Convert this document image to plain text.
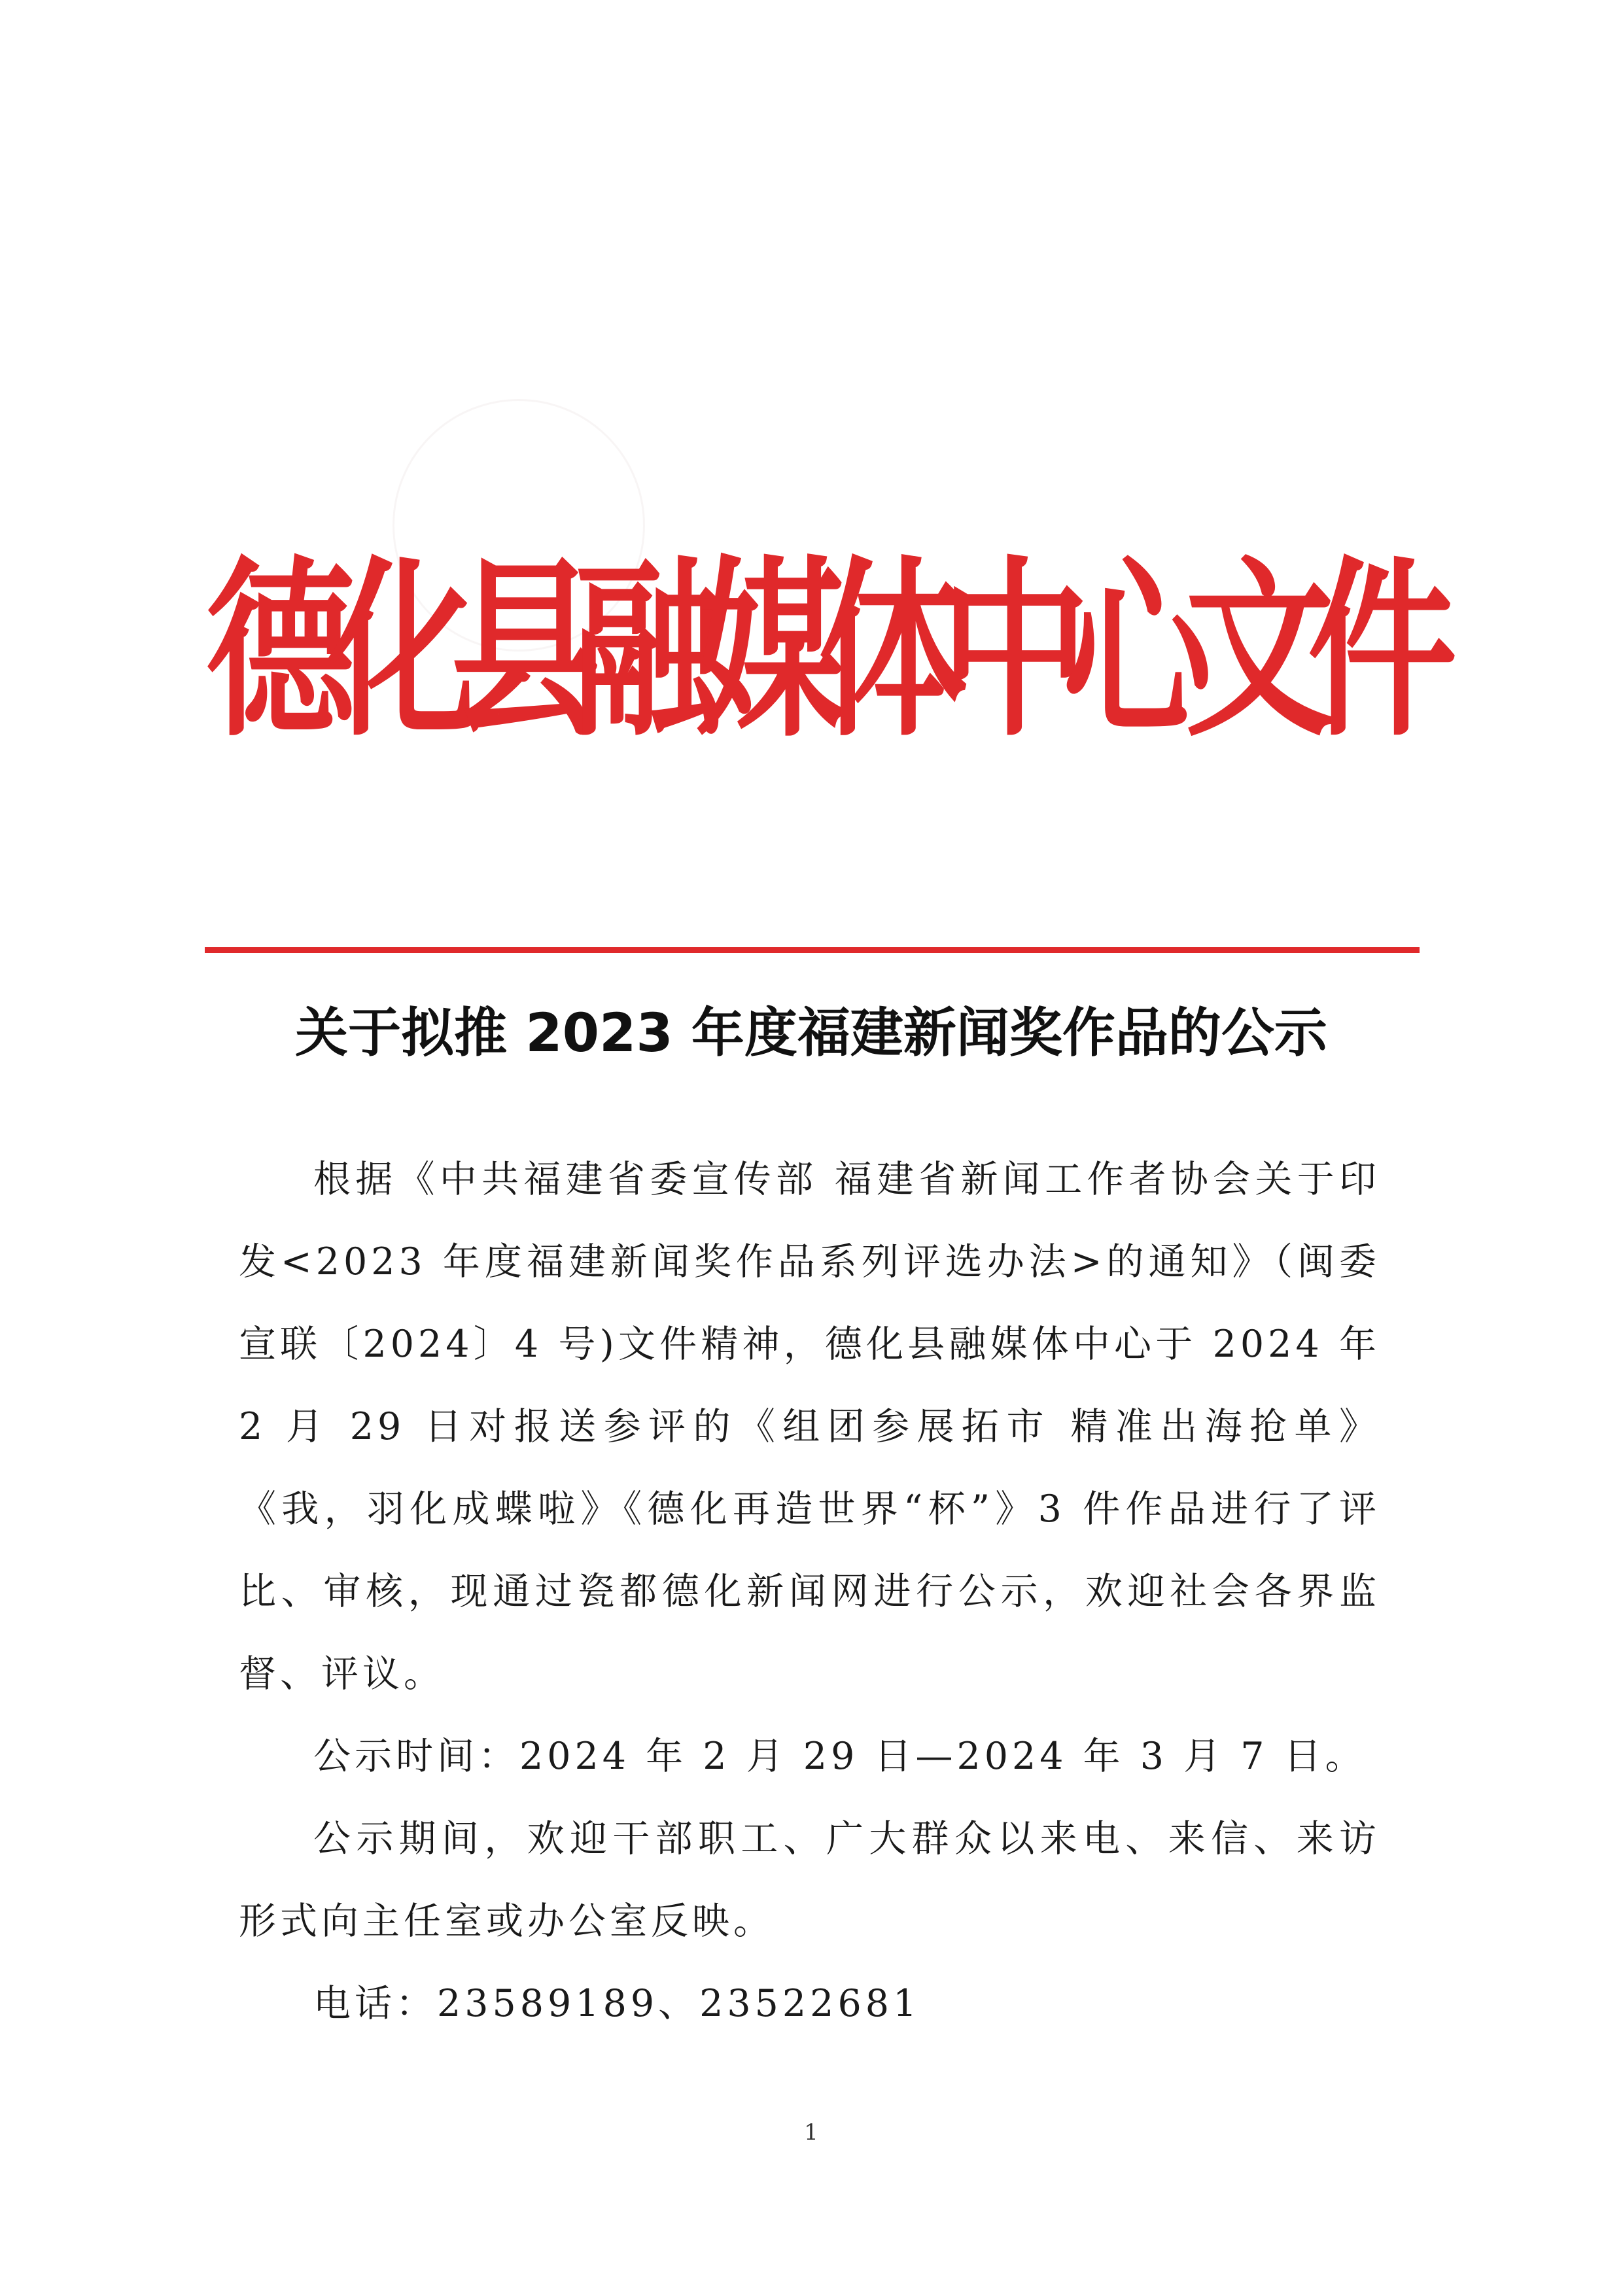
德
化
县
融
媒
体
中
心
文
件
关于拟推 2023 年度福建新闻奖作品的公示

根据《中共福建省委宣传部 福建省新闻工作者协会关于印发<2023 年度福建新闻奖作品系列评选办法>的通知》（闽委宣联〔2024〕4 号)文件精神，德化县融媒体中心于 2024 年 2 月 29 日对报送参评的《组团参展拓市 精准出海抢单》《我，羽化成蝶啦》《德化再造世界“杯”》3 件作品进行了评比、审核，现通过瓷都德化新闻网进行公示，欢迎社会各界监督、评议。

公示时间：2024 年 2 月 29 日—2024 年 3 月 7 日。

公示期间，欢迎干部职工、广大群众以来电、来信、来访形式向主任室或办公室反映。

电话：23589189、23522681

1
